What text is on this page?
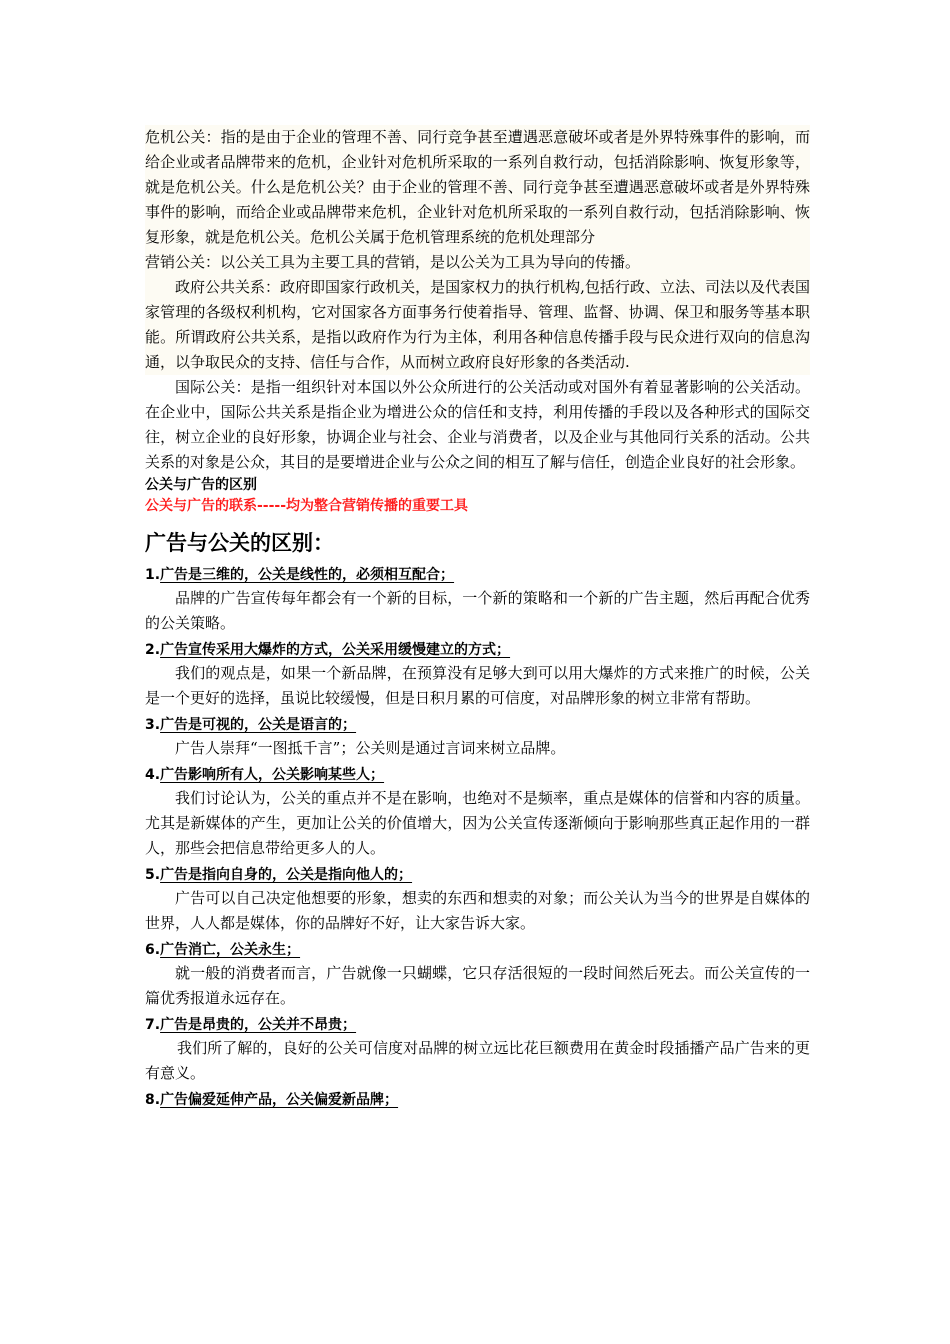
危机公关：指的是由于企业的管理不善、同行竞争甚至遭遇恶意破坏或者是外界特殊事件的影响，而给企业或者品牌带来的危机，企业针对危机所采取的一系列自救行动，包括消除影响、恢复形象等，就是危机公关。什么是危机公关？由于企业的管理不善、同行竞争甚至遭遇恶意破坏或者是外界特殊事件的影响，而给企业或品牌带来危机，企业针对危机所采取的一系列自救行动，包括消除影响、恢复形象，就是危机公关。危机公关属于危机管理系统的危机处理部分

营销公关：以公关工具为主要工具的营销，是以公关为工具为导向的传播。

政府公共关系：政府即国家行政机关，是国家权力的执行机构,包括行政、立法、司法以及代表国家管理的各级权利机构，它对国家各方面事务行使着指导、管理、监督、协调、保卫和服务等基本职能。所谓政府公共关系，是指以政府作为行为主体，利用各种信息传播手段与民众进行双向的信息沟通，以争取民众的支持、信任与合作，从而树立政府良好形象的各类活动.

国际公关：是指一组织针对本国以外公众所进行的公关活动或对国外有着显著影响的公关活动。在企业中，国际公共关系是指企业为增进公众的信任和支持，利用传播的手段以及各种形式的国际交往，树立企业的良好形象，协调企业与社会、企业与消费者，以及企业与其他同行关系的活动。公共关系的对象是公众，其目的是要增进企业与公众之间的相互了解与信任，创造企业良好的社会形象。

公关与广告的区别

公关与广告的联系-----均为整合营销传播的重要工具

广告与公关的区别：

1.广告是三维的，公关是线性的，必须相互配合；

品牌的广告宣传每年都会有一个新的目标，一个新的策略和一个新的广告主题，然后再配合优秀的公关策略。

2.广告宣传采用大爆炸的方式，公关采用缓慢建立的方式；

我们的观点是，如果一个新品牌，在预算没有足够大到可以用大爆炸的方式来推广的时候，公关是一个更好的选择，虽说比较缓慢，但是日积月累的可信度，对品牌形象的树立非常有帮助。

3.广告是可视的，公关是语言的；

广告人崇拜“一图抵千言”；公关则是通过言词来树立品牌。

4.广告影响所有人，公关影响某些人；

我们讨论认为，公关的重点并不是在影响，也绝对不是频率，重点是媒体的信誉和内容的质量。尤其是新媒体的产生，更加让公关的价值增大，因为公关宣传逐渐倾向于影响那些真正起作用的一群人，那些会把信息带给更多人的人。

5.广告是指向自身的，公关是指向他人的；

广告可以自己决定他想要的形象，想卖的东西和想卖的对象；而公关认为当今的世界是自媒体的世界，人人都是媒体，你的品牌好不好，让大家告诉大家。

6.广告消亡，公关永生；

就一般的消费者而言，广告就像一只蝴蝶，它只存活很短的一段时间然后死去。而公关宣传的一篇优秀报道永远存在。

7.广告是昂贵的，公关并不昂贵；

我们所了解的，良好的公关可信度对品牌的树立远比花巨额费用在黄金时段插播产品广告来的更有意义。

8.广告偏爱延伸产品，公关偏爱新品牌；
